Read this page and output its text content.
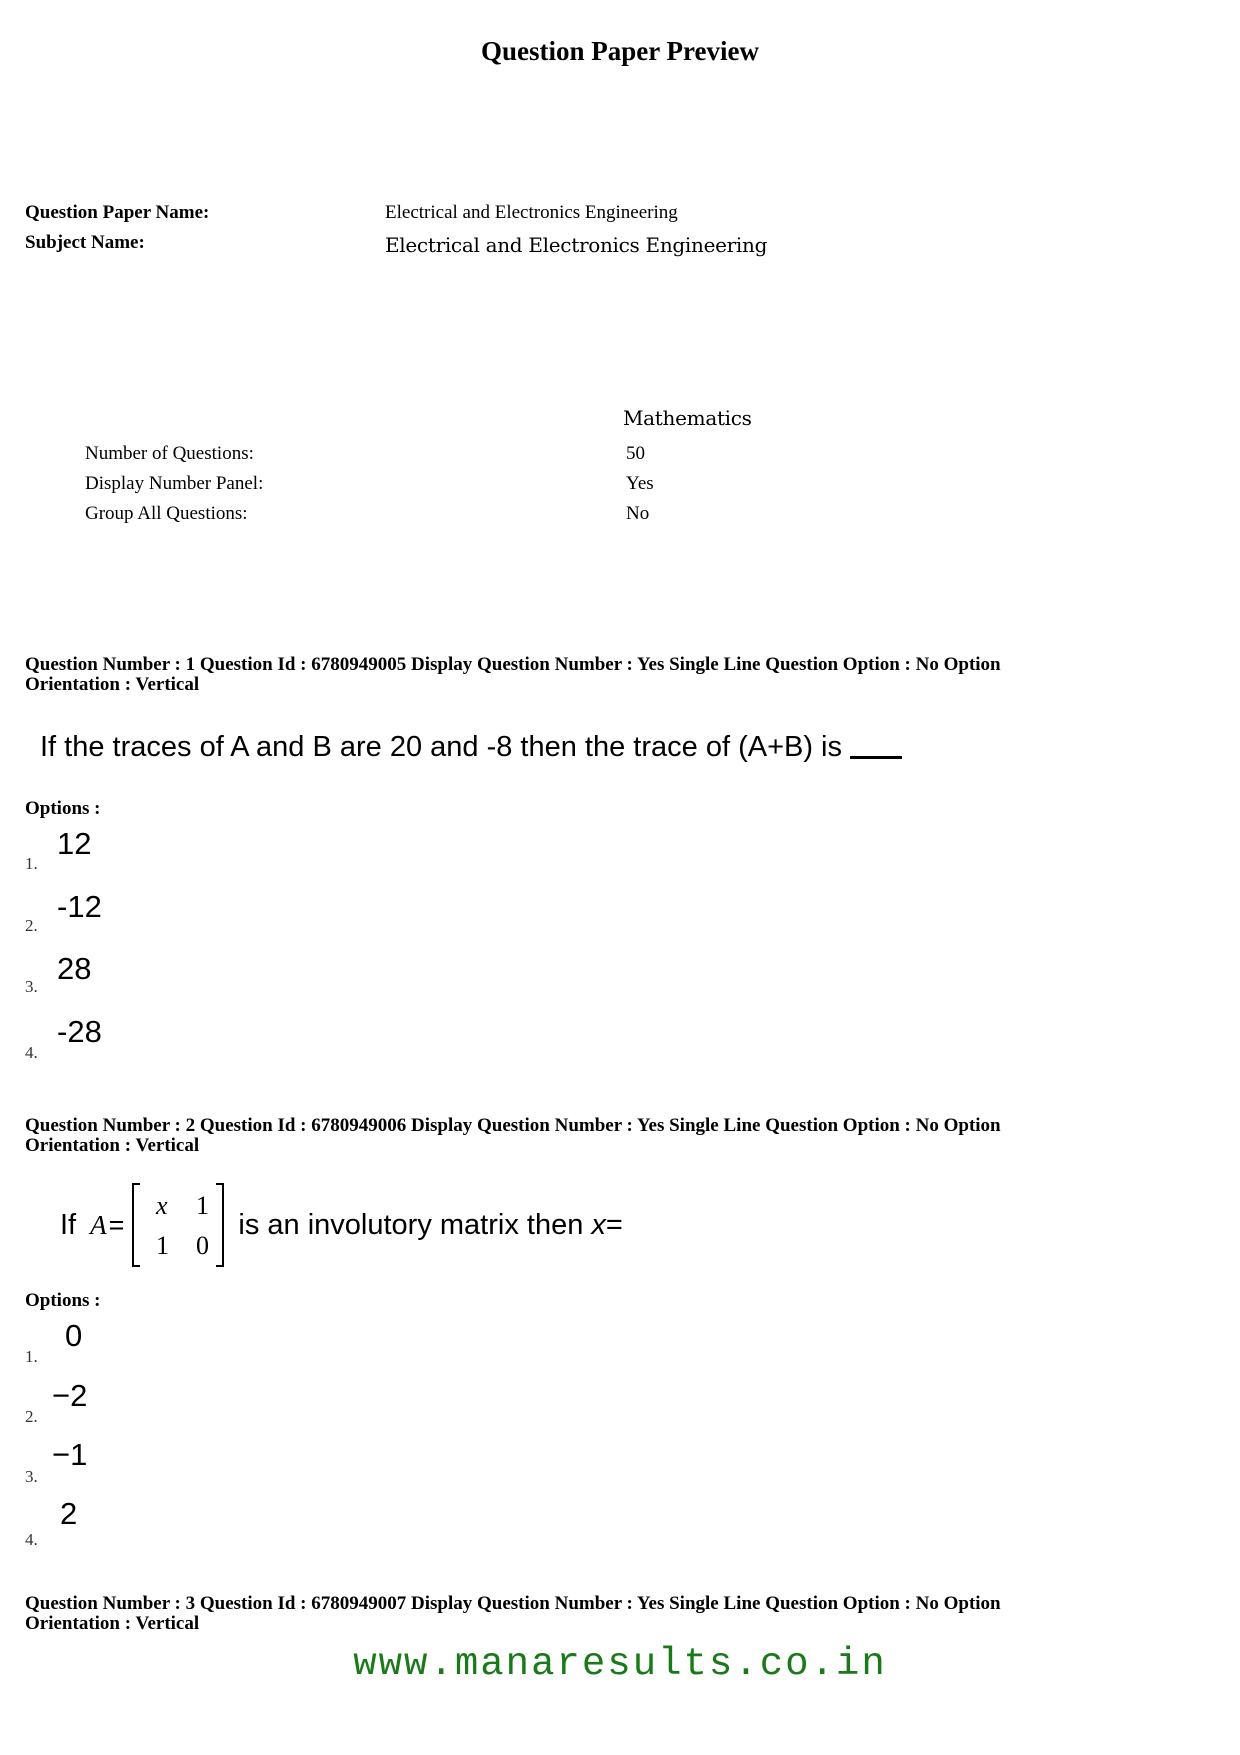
Question Paper Preview
Question Paper Name:	Electrical and Electronics Engineering
Subject Name:	Electrical and Electronics Engineering
Mathematics
Number of Questions:	50
Display Number Panel:	Yes
Group All Questions:	No
Question Number : 1 Question Id : 6780949005 Display Question Number : Yes Single Line Question Option : No Option
Orientation : Vertical
If the traces of A and B are 20 and -8 then the trace of (A+B) is
Options :
1.
12
2.
-12
3.
28
4.
-28
Question Number : 2 Question Id : 6780949006 Display Question Number : Yes Single Line Question Option : No Option
Orientation : Vertical
If A =
x 1
1 0
is an involutory matrix then x =
Options :
1.
0
2.
−2
3.
−1
4.
2
Question Number : 3 Question Id : 6780949007 Display Question Number : Yes Single Line Question Option : No Option
Orientation : Vertical
www.manaresults.co.in
